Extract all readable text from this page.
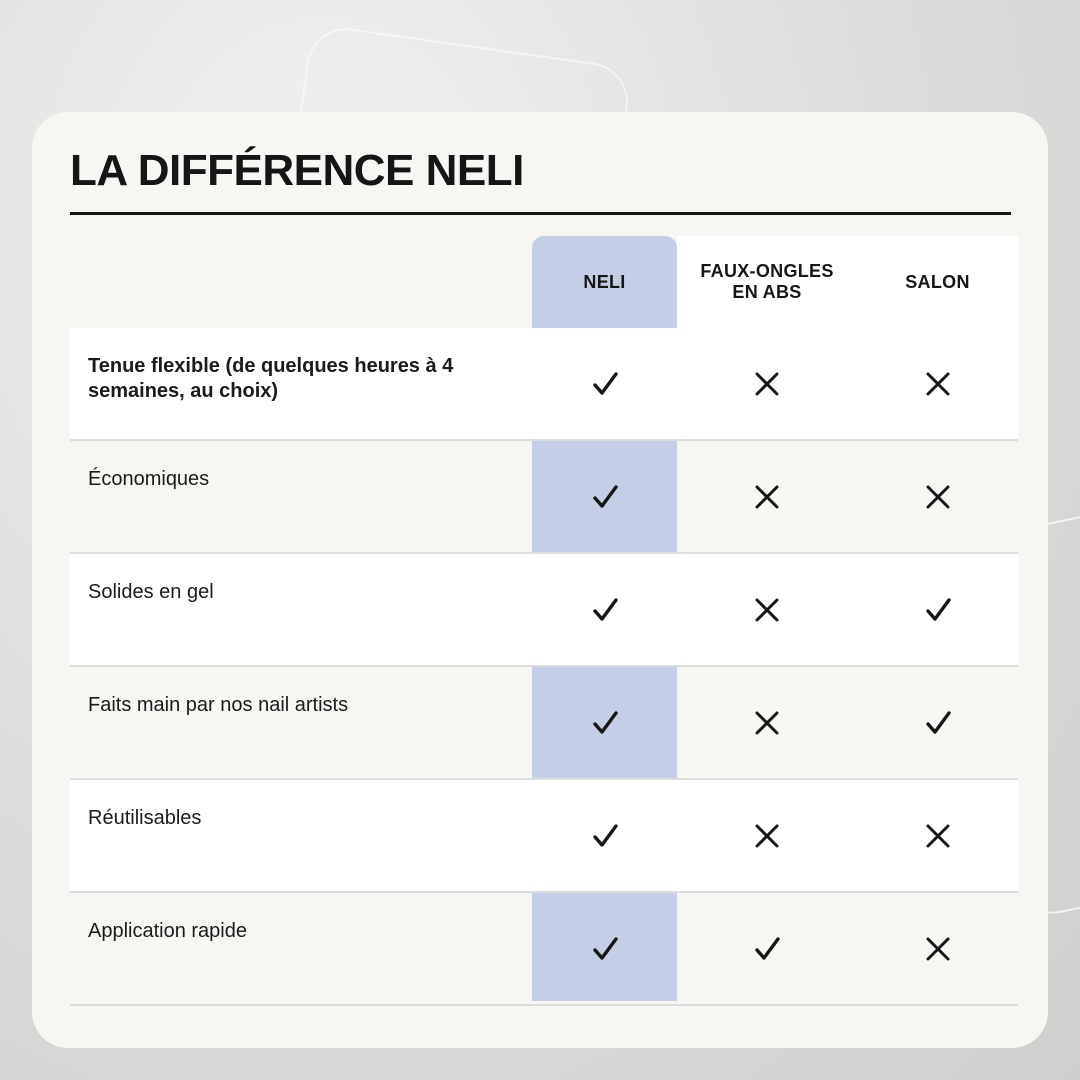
LA DIFFÉRENCE NELI
NELI
FAUX-ONGLES
EN ABS
SALON
Tenue flexible (de quelques heures à 4 semaines, au choix)
Économiques
Solides en gel
Faits main par nos nail artists
Réutilisables
Application rapide
